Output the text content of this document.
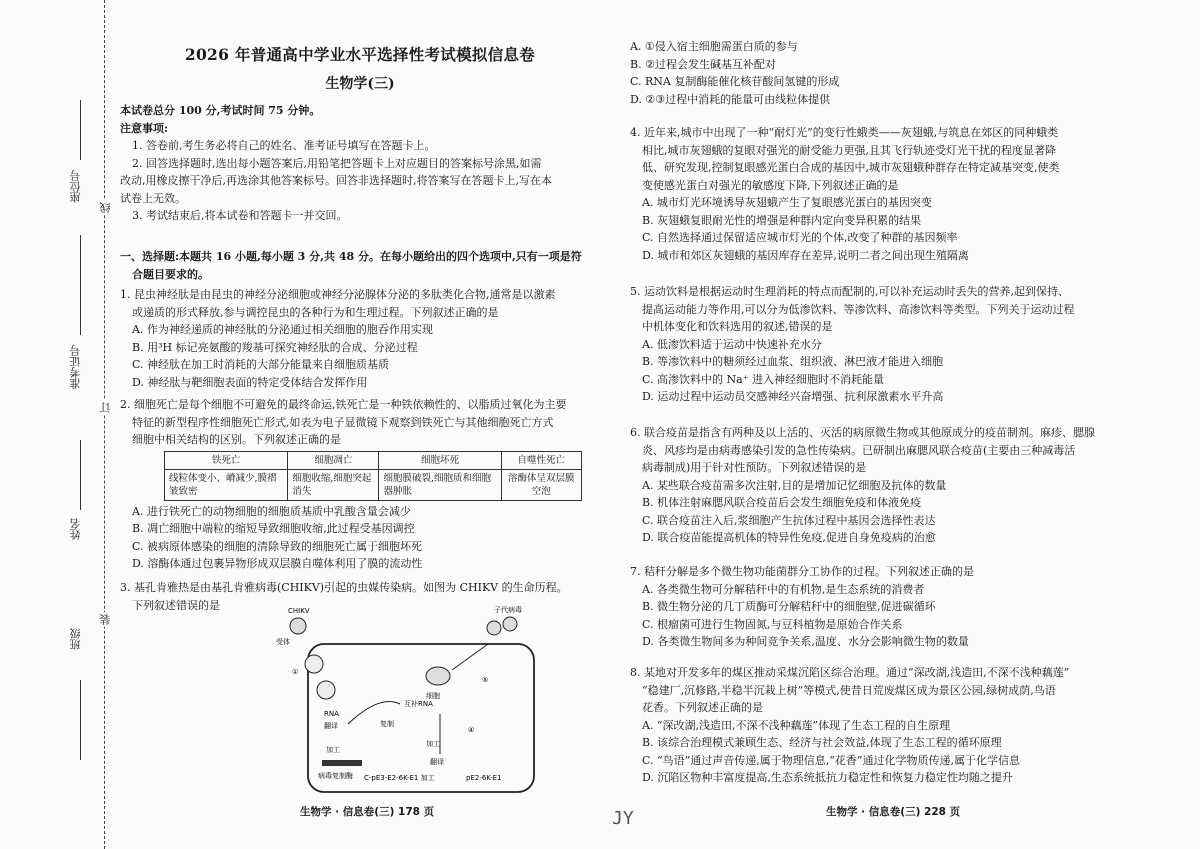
座位号
准考证号
姓名
班级
线
订
装
2026 年普通高中学业水平选择性考试模拟信息卷
生物学(三)
本试卷总分 100 分,考试时间 75 分钟。
注意事项:
1. 答卷前,考生务必将自己的姓名、准考证号填写在答题卡上。
2. 回答选择题时,选出每小题答案后,用铅笔把答题卡上对应题目的答案标号涂黑,如需
改动,用橡皮擦干净后,再选涂其他答案标号。回答非选择题时,将答案写在答题卡上,写在本
试卷上无效。
3. 考试结束后,将本试卷和答题卡一并交回。
一、选择题:本题共 16 小题,每小题 3 分,共 48 分。在每小题给出的四个选项中,只有一项是符
合题目要求的。
1. 昆虫神经肽是由昆虫的神经分泌细胞或神经分泌腺体分泌的多肽类化合物,通常是以激素
或递质的形式释放,参与调控昆虫的各种行为和生理过程。下列叙述正确的是
A. 作为神经递质的神经肽的分泌通过相关细胞的胞吞作用实现
B. 用³H 标记亮氨酸的羧基可探究神经肽的合成、分泌过程
C. 神经肽在加工时消耗的大部分能量来自细胞质基质
D. 神经肽与靶细胞表面的特定受体结合发挥作用
2. 细胞死亡是每个细胞不可避免的最终命运,铁死亡是一种铁依赖性的、以脂质过氧化为主要
特征的新型程序性细胞死亡形式,如表为电子显微镜下观察到铁死亡与其他细胞死亡方式
细胞中相关结构的区别。下列叙述正确的是
铁死亡	细胞凋亡	细胞坏死	自噬性死亡
线粒体变小、嵴减少,膜褶皱致密	细胞收缩,细胞突起消失	细胞膜破裂,细胞质和细胞器肿胀	溶酶体呈双层膜空泡
A. 进行铁死亡的动物细胞的细胞质基质中乳酸含量会减少
B. 凋亡细胞中端粒的缩短导致细胞收缩,此过程受基因调控
C. 被病原体感染的细胞的清除导致的细胞死亡属于细胞坏死
D. 溶酶体通过包裹异物形成双层膜自噬体利用了膜的流动性
3. 基孔肯雅热是由基孔肯雅病毒(CHIKV)引起的虫媒传染病。如图为 CHIKV 的生命历程。
下列叙述错误的是	CHIKV
受体
①
RNA
翻译
加工
病毒复制酶
复制
互补RNA
加工
翻译
C-pE3-E2-6K-E1 加工	pE2-6K-E1
④
细胞
⑤
子代病毒
A. ①侵入宿主细胞需蛋白质的参与
B. ②过程会发生碱基互补配对
C. RNA 复制酶能催化核苷酸间氢键的形成
D. ②③过程中消耗的能量可由线粒体提供
4. 近年来,城市中出现了一种“耐灯光”的变行性蛾类——灰翅蛾,与筑息在郊区的同种蛾类
相比,城市灰翅蛾的复眼对强光的耐受能力更强,且其飞行轨迹受灯光干扰的程度显著降
低、研究发现,控制复眼感光蛋白合成的基因中,城市灰翅蛾种群存在特定减基突变,使类
变使感光蛋白对强光的敏感度下降,下列叙述正确的是
A. 城市灯光环境诱导灰翅蛾产生了复眼感光蛋白的基因突变
B. 灰翅蛾复眼耐光性的增强是种群内定向变异积累的结果
C. 自然选择通过保留适应城市灯光的个体,改变了种群的基因频率
D. 城市和郊区灰翅蛾的基因库存在差异,说明二者之间出现生殖隔离
5. 运动饮料是根据运动时生理消耗的特点而配制的,可以补充运动时丢失的营养,起到保持、
提高运动能力等作用,可以分为低渗饮料、等渗饮料、高渗饮料等类型。下列关于运动过程
中机体变化和饮料选用的叙述,错误的是
A. 低渗饮料适于运动中快速补充水分
B. 等渗饮料中的糖须经过血浆、组织液、淋巴液才能进入细胞
C. 高渗饮料中的 Na⁺ 进入神经细胞时不消耗能量
D. 运动过程中运动员交感神经兴奋增强、抗利尿激素水平升高
6. 联合疫苗是指含有两种及以上活的、灭活的病原微生物或其他原成分的疫苗制剂。麻疹、腮腺
炎、风疹均是由病毒感染引发的急性传染病。已研制出麻腮风联合疫苗(主要由三种减毒活
病毒制成)用于针对性预防。下列叙述错误的是
A. 某些联合疫苗需多次注射,目的是增加记忆细胞及抗体的数量
B. 机体注射麻腮风联合疫苗后会发生细胞免疫和体液免疫
C. 联合疫苗注入后,浆细胞产生抗体过程中基因会选择性表达
D. 联合疫苗能提高机体的特异性免疫,促进自身免疫病的治愈
7. 秸秆分解是多个微生物功能菌群分工协作的过程。下列叙述正确的是
A. 各类微生物可分解秸秆中的有机物,是生态系统的消费者
B. 微生物分泌的几丁质酶可分解秸秆中的细胞壁,促进碳循环
C. 根瘤菌可进行生物固氮,与豆科植物是原始合作关系
D. 各类微生物间多为种间竞争关系,温度、水分会影响微生物的数量
8. 某地对开发多年的煤区推动采煤沉陷区综合治理。通过“深改湖,浅造田,不深不浅种藕莲”
“稳建厂,沉修路,半稳半沉栽上树”等模式,使昔日荒废煤区成为景区公园,绿树成荫,鸟语
花香。下列叙述正确的是
A. “深改湖,浅造田,不深不浅种藕莲”体现了生态工程的自生原理
B. 该综合治理模式兼顾生态、经济与社会效益,体现了生态工程的循环原理
C. “鸟语”通过声音传递,属于物理信息,“花香”通过化学物质传递,属于化学信息
D. 沉陷区物种丰富度提高,生态系统抵抗力稳定性和恢复力稳定性均随之提升
生物学 · 信息卷(三) 178 页	生物学 · 信息卷(三) 228 页
JY
